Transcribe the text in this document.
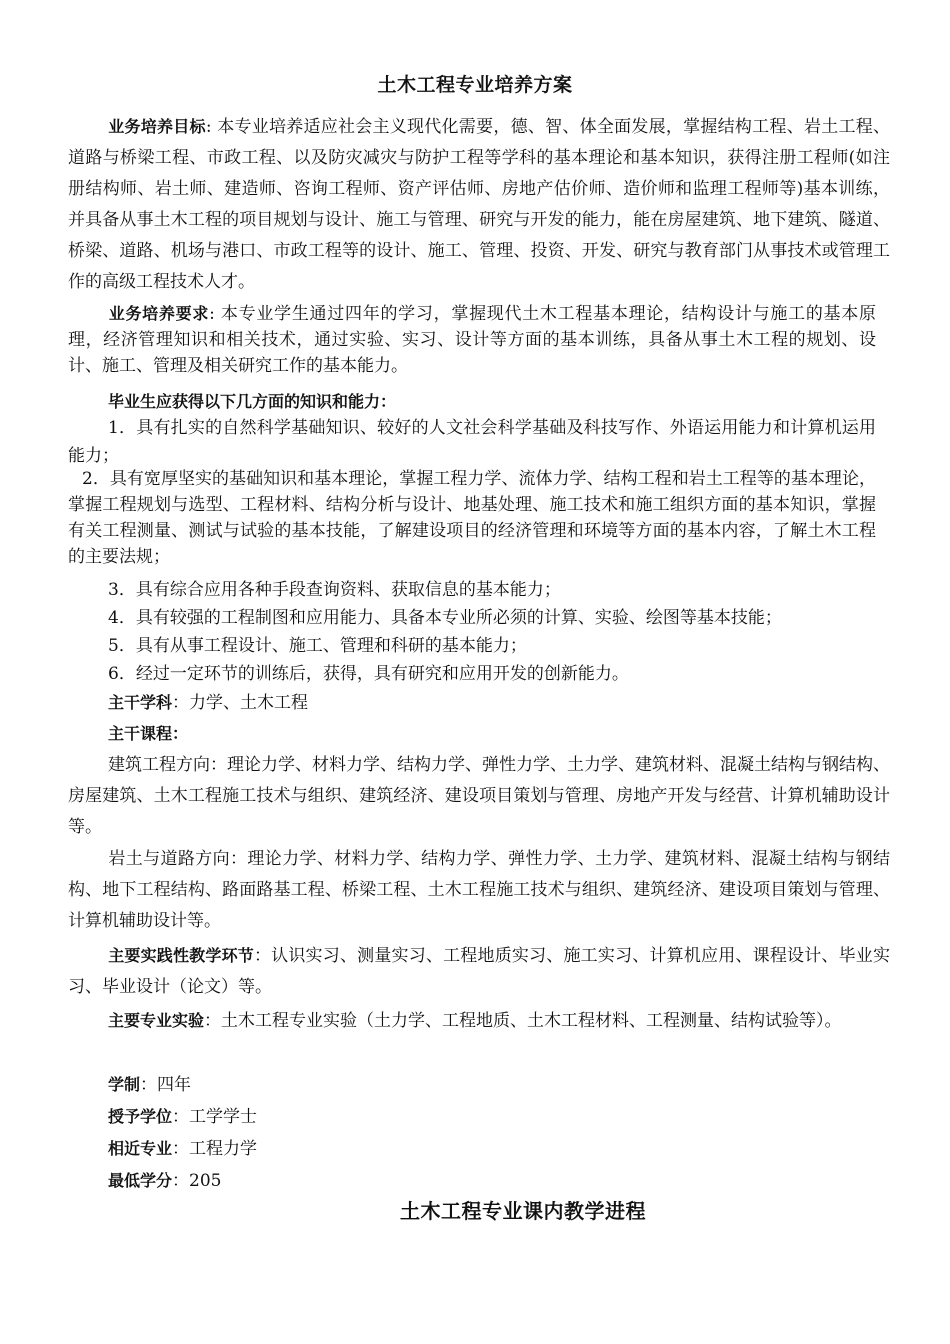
土木工程专业培养方案
业务培养目标: 本专业培养适应社会主义现代化需要，德、智、体全面发展，掌握结构工程、岩土工程、道路与桥梁工程、市政工程、以及防灾减灾与防护工程等学科的基本理论和基本知识，获得注册工程师(如注册结构师、岩土师、建造师、咨询工程师、资产评估师、房地产估价师、造价师和监理工程师等)基本训练，并具备从事土木工程的项目规划与设计、施工与管理、研究与开发的能力，能在房屋建筑、地下建筑、隧道、桥梁、道路、机场与港口、市政工程等的设计、施工、管理、投资、开发、研究与教育部门从事技术或管理工作的高级工程技术人才。
业务培养要求: 本专业学生通过四年的学习，掌握现代土木工程基本理论，结构设计与施工的基本原理，经济管理知识和相关技术，通过实验、实习、设计等方面的基本训练，具备从事土木工程的规划、设计、施工、管理及相关研究工作的基本能力。
毕业生应获得以下几方面的知识和能力：
1．具有扎实的自然科学基础知识、较好的人文社会科学基础及科技写作、外语运用能力和计算机运用能力；
2．具有宽厚坚实的基础知识和基本理论，掌握工程力学、流体力学、结构工程和岩土工程等的基本理论，掌握工程规划与选型、工程材料、结构分析与设计、地基处理、施工技术和施工组织方面的基本知识，掌握有关工程测量、测试与试验的基本技能，了解建设项目的经济管理和环境等方面的基本内容，了解土木工程的主要法规；
3．具有综合应用各种手段查询资料、获取信息的基本能力；
4．具有较强的工程制图和应用能力、具备本专业所必须的计算、实验、绘图等基本技能；
5．具有从事工程设计、施工、管理和科研的基本能力；
6．经过一定环节的训练后，获得，具有研究和应用开发的创新能力。
主干学科：力学、土木工程
主干课程：
建筑工程方向：理论力学、材料力学、结构力学、弹性力学、土力学、建筑材料、混凝土结构与钢结构、房屋建筑、土木工程施工技术与组织、建筑经济、建设项目策划与管理、房地产开发与经营、计算机辅助设计等。
岩土与道路方向：理论力学、材料力学、结构力学、弹性力学、土力学、建筑材料、混凝土结构与钢结构、地下工程结构、路面路基工程、桥梁工程、土木工程施工技术与组织、建筑经济、建设项目策划与管理、计算机辅助设计等。
主要实践性教学环节：认识实习、测量实习、工程地质实习、施工实习、计算机应用、课程设计、毕业实习、毕业设计（论文）等。
主要专业实验：土木工程专业实验（土力学、工程地质、土木工程材料、工程测量、结构试验等）。
学制：四年
授予学位：工学学士
相近专业：工程力学
最低学分：205
土木工程专业课内教学进程
